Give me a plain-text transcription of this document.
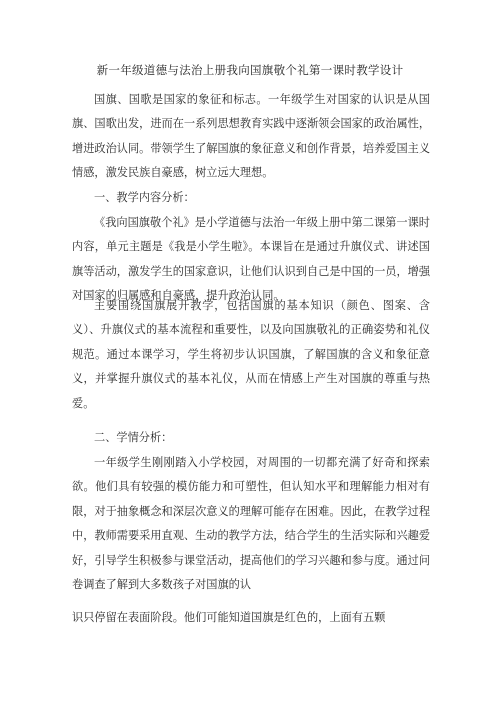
新一年级道德与法治上册我向国旗敬个礼第一课时教学设计

国旗、国歌是国家的象征和标志。一年级学生对国家的认识是从国旗、国歌出发，进而在一系列思想教育实践中逐渐领会国家的政治属性，增进政治认同。带领学生了解国旗的象征意义和创作背景，培养爱国主义情感，激发民族自豪感，树立远大理想。

一、教学内容分析：

《我向国旗敬个礼》是小学道德与法治一年级上册中第二课第一课时内容，单元主题是《我是小学生啦》。本课旨在是通过升旗仪式、讲述国旗等活动，激发学生的国家意识，让他们认识到自己是中国的一员，增强对国家的归属感和自豪感，提升政治认同。

主要围绕国旗展开教学，包括国旗的基本知识（颜色、图案、含义）、升旗仪式的基本流程和重要性，以及向国旗敬礼的正确姿势和礼仪规范。通过本课学习，学生将初步认识国旗，了解国旗的含义和象征意义，并掌握升旗仪式的基本礼仪，从而在情感上产生对国旗的尊重与热爱。

二、学情分析：

一年级学生刚刚踏入小学校园，对周围的一切都充满了好奇和探索欲。他们具有较强的模仿能力和可塑性，但认知水平和理解能力相对有限，对于抽象概念和深层次意义的理解可能存在困难。因此，在教学过程中，教师需要采用直观、生动的教学方法，结合学生的生活实际和兴趣爱好，引导学生积极参与课堂活动，提高他们的学习兴趣和参与度。通过问卷调查了解到大多数孩子对国旗的认

识只停留在表面阶段。他们可能知道国旗是红色的，上面有五颗
